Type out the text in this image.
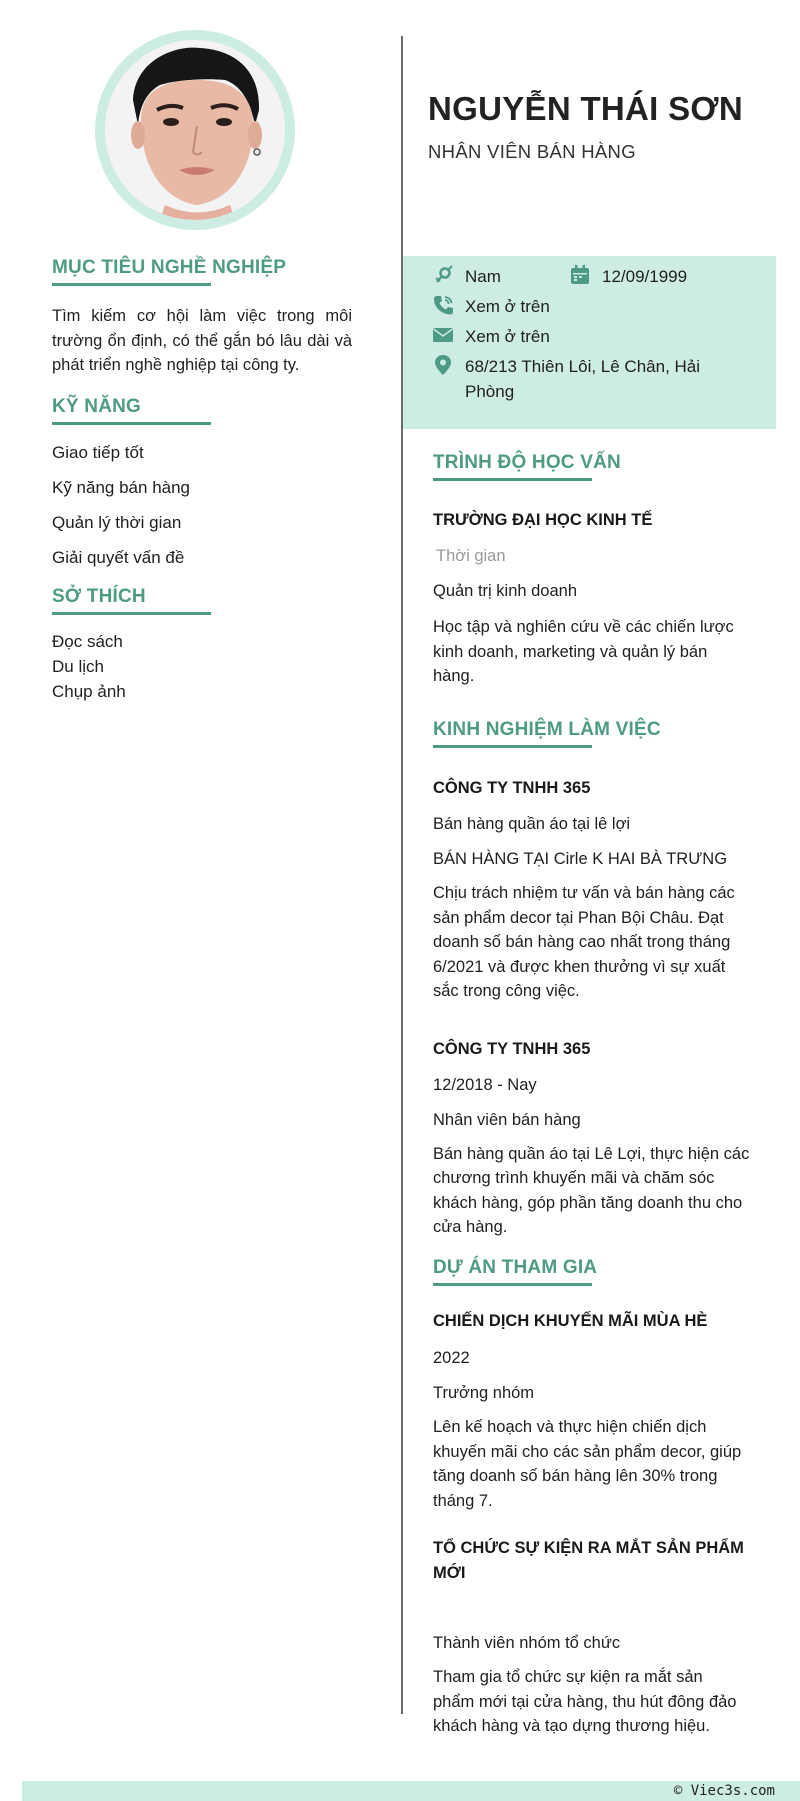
MỤC TIÊU NGHỀ NGHIỆP
Tìm kiếm cơ hội làm việc trong môi
trường ổn định, có thể gắn bó lâu dài và
phát triển nghề nghiệp tại công ty.
KỸ NĂNG
Giao tiếp tốt
Kỹ năng bán hàng
Quản lý thời gian
Giải quyết vấn đề
SỞ THÍCH
Đọc sách
Du lịch
Chụp ảnh
NGUYỄN THÁI SƠN
NHÂN VIÊN BÁN HÀNG
Nam	12/09/1999
Xem ở trên
Xem ở trên
68/213 Thiên Lôi, Lê Chân, Hải
Phòng
TRÌNH ĐỘ HỌC VẤN
TRƯỜNG ĐẠI HỌC KINH TẾ
Thời gian
Quản trị kinh doanh
Học tập và nghiên cứu về các chiến lược
kinh doanh, marketing và quản lý bán
hàng.
KINH NGHIỆM LÀM VIỆC
CÔNG TY TNHH 365
Bán hàng quần áo tại lê lợi
BÁN HÀNG TẠI Cirle K HAI BÀ TRƯNG
Chịu trách nhiệm tư vấn và bán hàng các
sản phẩm decor tại Phan Bội Châu. Đạt
doanh số bán hàng cao nhất trong tháng
6/2021 và được khen thưởng vì sự xuất
sắc trong công việc.
CÔNG TY TNHH 365
12/2018 - Nay
Nhân viên bán hàng
Bán hàng quần áo tại Lê Lợi, thực hiện các
chương trình khuyến mãi và chăm sóc
khách hàng, góp phần tăng doanh thu cho
cửa hàng.
DỰ ÁN THAM GIA
CHIẾN DỊCH KHUYẾN MÃI MÙA HÈ
2022
Trưởng nhóm
Lên kế hoạch và thực hiện chiến dịch
khuyến mãi cho các sản phẩm decor, giúp
tăng doanh số bán hàng lên 30% trong
tháng 7.
TỔ CHỨC SỰ KIỆN RA MẮT SẢN PHẨM
MỚI
Thành viên nhóm tổ chức
Tham gia tổ chức sự kiện ra mắt sản
phẩm mới tại cửa hàng, thu hút đông đảo
khách hàng và tạo dựng thương hiệu.
© Viec3s.com
